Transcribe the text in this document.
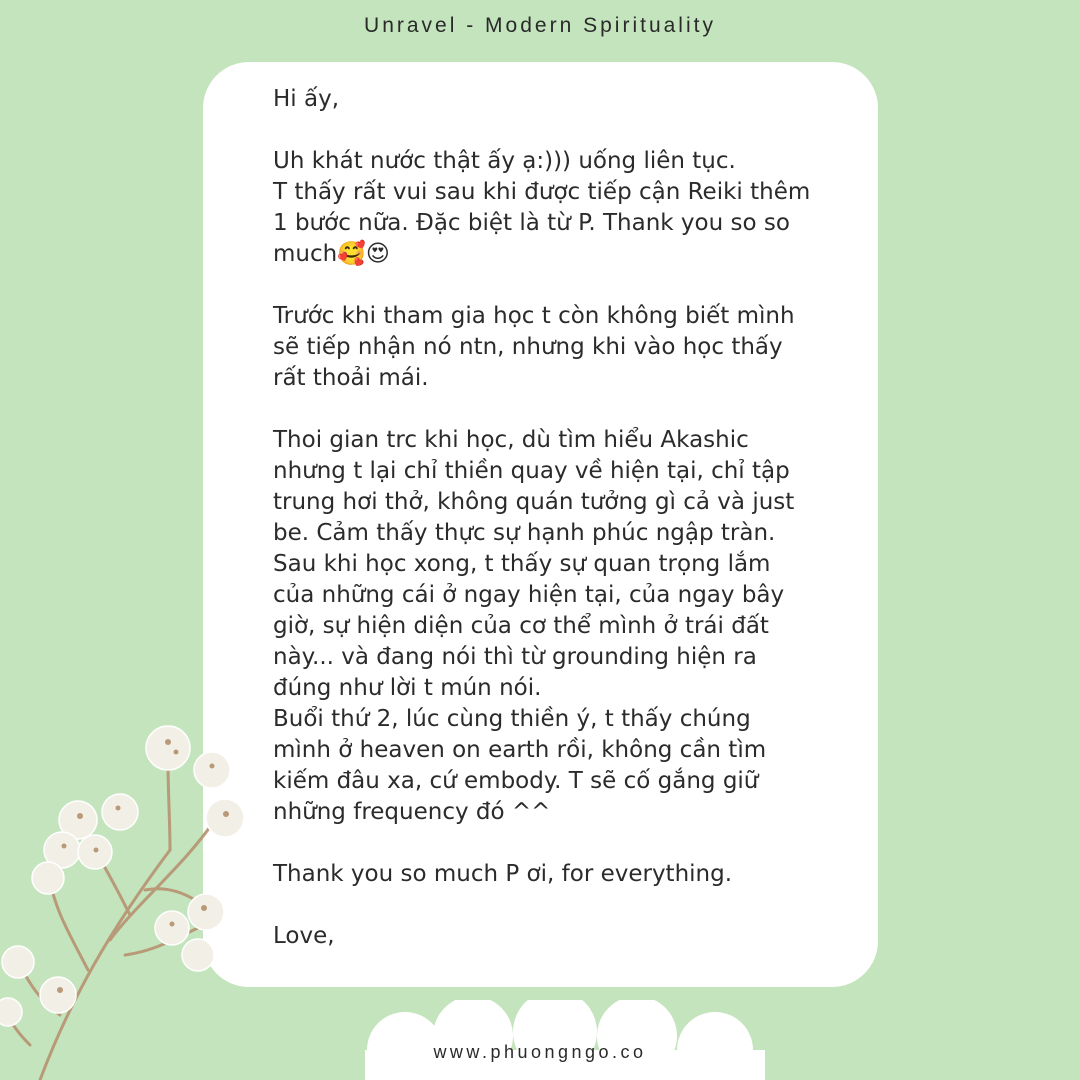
Unravel - Modern Spirituality

Hi ấy,

Uh khát nước thật ấy ạ:))) uống liên tục.
T thấy rất vui sau khi được tiếp cận Reiki thêm
1 bước nữa. Đặc biệt là từ P. Thank you so so
much🥰😍

Trước khi tham gia học t còn không biết mình
sẽ tiếp nhận nó ntn, nhưng khi vào học thấy
rất thoải mái.

Thoi gian trc khi học, dù tìm hiểu Akashic
nhưng t lại chỉ thiền quay về hiện tại, chỉ tập
trung hơi thở, không quán tưởng gì cả và just
be. Cảm thấy thực sự hạnh phúc ngập tràn.
Sau khi học xong, t thấy sự quan trọng lắm
của những cái ở ngay hiện tại, của ngay bây
giờ, sự hiện diện của cơ thể mình ở trái đất
này... và đang nói thì từ grounding hiện ra
đúng như lời t mún nói.
Buổi thứ 2, lúc cùng thiền ý, t thấy chúng
mình ở heaven on earth rồi, không cần tìm
kiếm đâu xa, cứ embody. T sẽ cố gắng giữ
những frequency đó ^^

Thank you so much P ơi, for everything.

Love,

www.phuongngo.co
